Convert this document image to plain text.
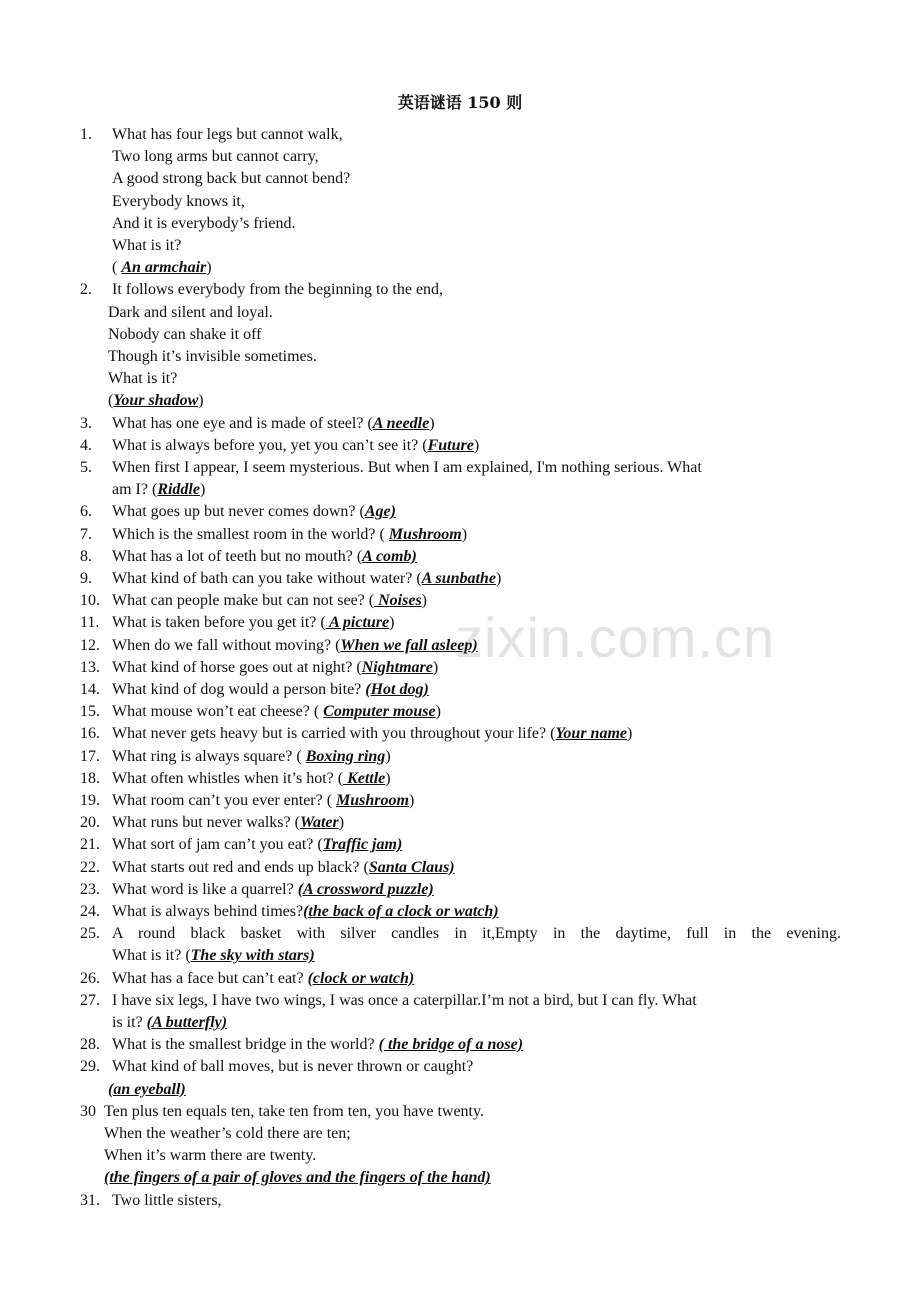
zixin.com.cn
英语谜语 150 则
1. What has four legs but cannot walk,
Two long arms but cannot carry,
A good strong back but cannot bend?
Everybody knows it,
And it is everybody’s friend.
What is it?
( An armchair)
2. It follows everybody from the beginning to the end,
Dark and silent and loyal.
Nobody can shake it off
Though it’s invisible sometimes.
What is it?
(Your shadow)
3. What has one eye and is made of steel? (A needle)
4. What is always before you, yet you can’t see it? (Future)
5. When first I appear, I seem mysterious. But when I am explained, I'm nothing serious. What
am I? (Riddle)
6. What goes up but never comes down? (Age)
7. Which is the smallest room in the world? ( Mushroom)
8. What has a lot of teeth but no mouth? (A comb)
9. What kind of bath can you take without water? (A sunbathe)
10. What can people make but can not see? ( Noises)
11. What is taken before you get it? ( A picture)
12. When do we fall without moving? (When we fall asleep)
13. What kind of horse goes out at night? (Nightmare)
14. What kind of dog would a person bite? (Hot dog)
15. What mouse won’t eat cheese? ( Computer mouse)
16. What never gets heavy but is carried with you throughout your life? (Your name)
17. What ring is always square? ( Boxing ring)
18. What often whistles when it’s hot? ( Kettle)
19. What room can’t you ever enter? ( Mushroom)
20. What runs but never walks? (Water)
21. What sort of jam can’t you eat? (Traffic jam)
22. What starts out red and ends up black? (Santa Claus)
23. What word is like a quarrel? (A crossword puzzle)
24. What is always behind times?(the back of a clock or watch)
25. A round black basket with silver candles in it,Empty in the daytime, full in the evening.
What is it? (The sky with stars)
26. What has a face but can’t eat? (clock or watch)
27. I have six legs, I have two wings, I was once a caterpillar.I’m not a bird, but I can fly. What
is it? (A butterfly)
28. What is the smallest bridge in the world? ( the bridge of a nose)
29. What kind of ball moves, but is never thrown or caught?
(an eyeball)
30 Ten plus ten equals ten, take ten from ten, you have twenty.
When the weather’s cold there are ten;
When it’s warm there are twenty.
(the fingers of a pair of gloves and the fingers of the hand)
31. Two little sisters,
